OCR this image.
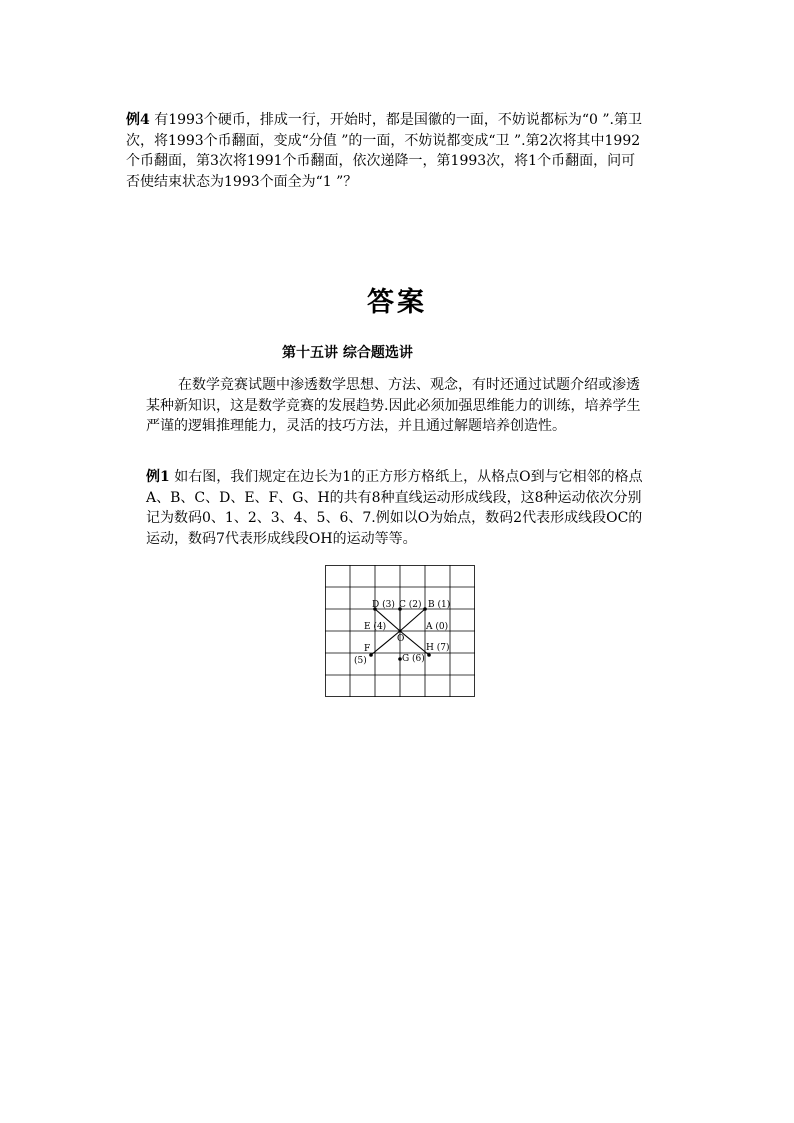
例4 有1993个硬币，排成一行，开始时，都是国徽的一面，不妨说都标为“0 ”.第卫次，将1993个币翻面，变成“分值 ”的一面，不妨说都变成“卫 ”.第2次将其中1992个币翻面，第3次将1991个币翻面，依次递降一，第1993次，将1个币翻面，问可否使结束状态为1993个面全为“1 ”？

答案
第十五讲 综合题选讲

在数学竞赛试题中渗透数学思想、方法、观念，有时还通过试题介绍或渗透某种新知识，这是数学竞赛的发展趋势.因此必须加强思维能力的训练，培养学生严谨的逻辑推理能力，灵活的技巧方法，并且通过解题培养创造性。

例1 如右图，我们规定在边长为1的正方形方格纸上，从格点O到与它相邻的格点A、B、C、D、E、F、G、H的共有8种直线运动形成线段，这8种运动依次分别记为数码0、1、2、3、4、5、6、7.例如以O为始点，数码2代表形成线段OC的运动，数码7代表形成线段OH的运动等等。

O
D (3) C (2) B (1)
E (4)	A (0)
F
(5)	G (6)
H (7)
